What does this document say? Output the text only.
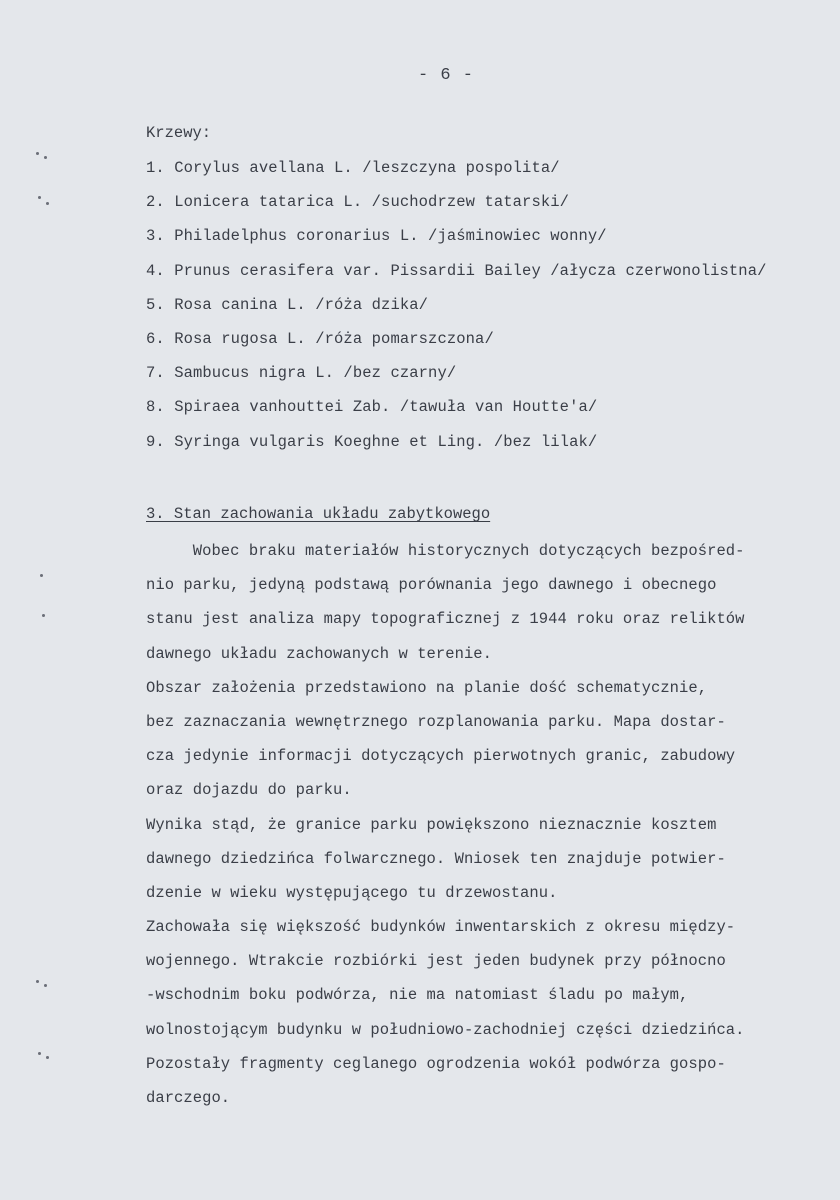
- 6 -
Krzewy:
1. Corylus avellana L. /leszczyna pospolita/
2. Lonicera tatarica L. /suchodrzew tatarski/
3. Philadelphus coronarius L. /jaśminowiec wonny/
4. Prunus cerasifera var. Pissardii Bailey /ałycza czerwonolistna/
5. Rosa canina L. /róża dzika/
6. Rosa rugosa L. /róża pomarszczona/
7. Sambucus nigra L. /bez czarny/
8. Spiraea vanhouttei Zab. /tawuła van Houtte'a/
9. Syringa vulgaris Koeghne et Ling. /bez lilak/
3. Stan zachowania układu zabytkowego
Wobec braku materiałów historycznych dotyczących bezpośred-
nio parku, jedyną podstawą porównania jego dawnego i obecnego
stanu jest analiza mapy topograficznej z 1944 roku oraz reliktów
dawnego układu zachowanych w terenie.
Obszar założenia przedstawiono na planie dość schematycznie,
bez zaznaczania wewnętrznego rozplanowania parku. Mapa dostar-
cza jedynie informacji dotyczących pierwotnych granic, zabudowy
oraz dojazdu do parku.
Wynika stąd, że granice parku powiększono nieznacznie kosztem
dawnego dziedzińca folwarcznego. Wniosek ten znajduje potwier-
dzenie w wieku występującego tu drzewostanu.
Zachowała się większość budynków inwentarskich z okresu między-
wojennego. Wtrakcie rozbiórki jest jeden budynek przy północno
-wschodnim boku podwórza, nie ma natomiast śladu po małym,
wolnostojącym budynku w południowo-zachodniej części dziedzińca.
Pozostały fragmenty ceglanego ogrodzenia wokół podwórza gospo-
darczego.
